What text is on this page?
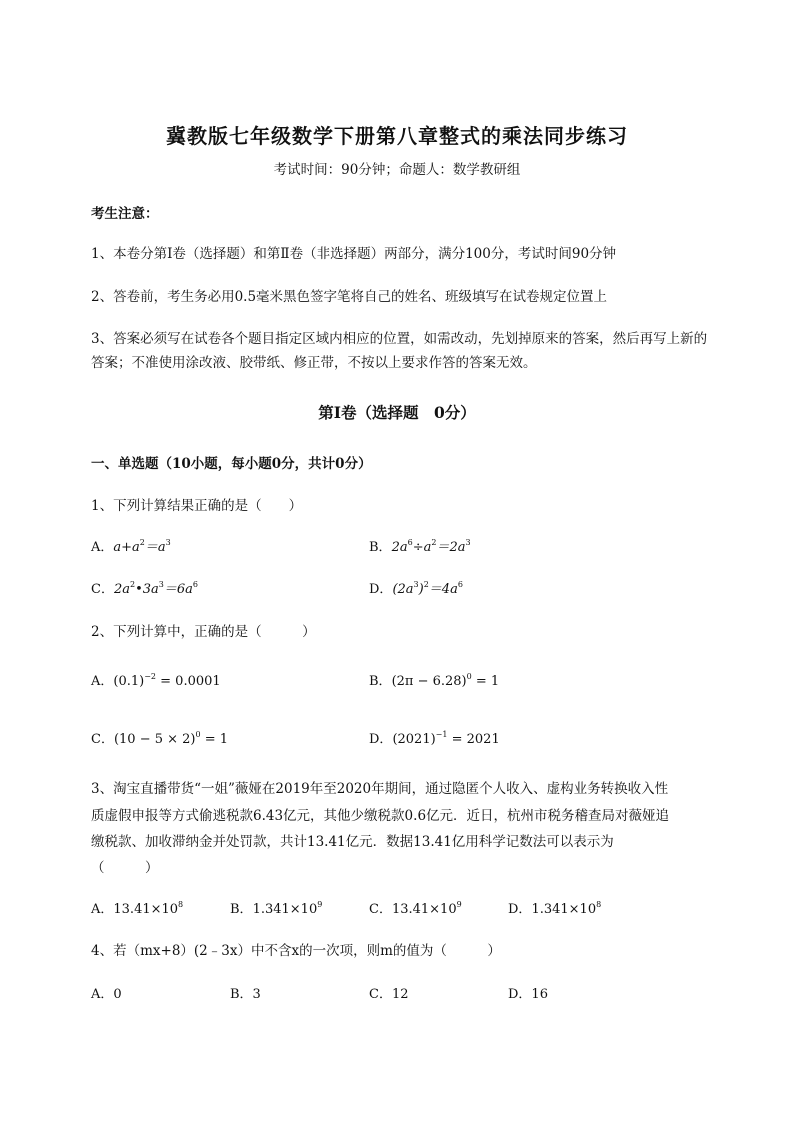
冀教版七年级数学下册第八章整式的乘法同步练习
考试时间：90分钟；命题人：数学教研组
考生注意：
1、本卷分第I卷（选择题）和第Ⅱ卷（非选择题）两部分，满分100分，考试时间90分钟
2、答卷前，考生务必用0.5毫米黑色签字笔将自己的姓名、班级填写在试卷规定位置上
3、答案必须写在试卷各个题目指定区域内相应的位置，如需改动，先划掉原来的答案，然后再写上新的答案；不准使用涂改液、胶带纸、修正带，不按以上要求作答的答案无效。
第I卷（选择题　0分）
一、单选题（10小题，每小题0分，共计0分）
1、下列计算结果正确的是（　　）
A．$a+a^2=a^3$	B．$2a^6\div a^2=2a^3$
C．$2a^2•3a^3=6a^6$	D．$(2a^3)^2=4a^6$
2、下列计算中，正确的是（　　　）
A．$(0.1)^{-2} = 0.0001$	B．$(2\pi - 6.28)^0 = 1$
C．$(10 - 5 \times 2)^0 = 1$	D．$(2021)^{-1} = 2021$
3、淘宝直播带货“一姐”薇娅在2019年至2020年期间，通过隐匿个人收入、虚构业务转换收入性
质虚假申报等方式偷逃税款6.43亿元，其他少缴税款0.6亿元．近日，杭州市税务稽查局对薇娅追
缴税款、加收滞纳金并处罚款，共计13.41亿元．数据13.41亿用科学记数法可以表示为
（　　　）
A．$13.41\times 10^8$	B．$1.341\times 10^9$	C．$13.41\times 10^9$	D．$1.341\times 10^8$
4、若（mx+8）(2﹣3x）中不含x的一次项，则m的值为（　　　）
A．0	B．3	C．12	D．16
